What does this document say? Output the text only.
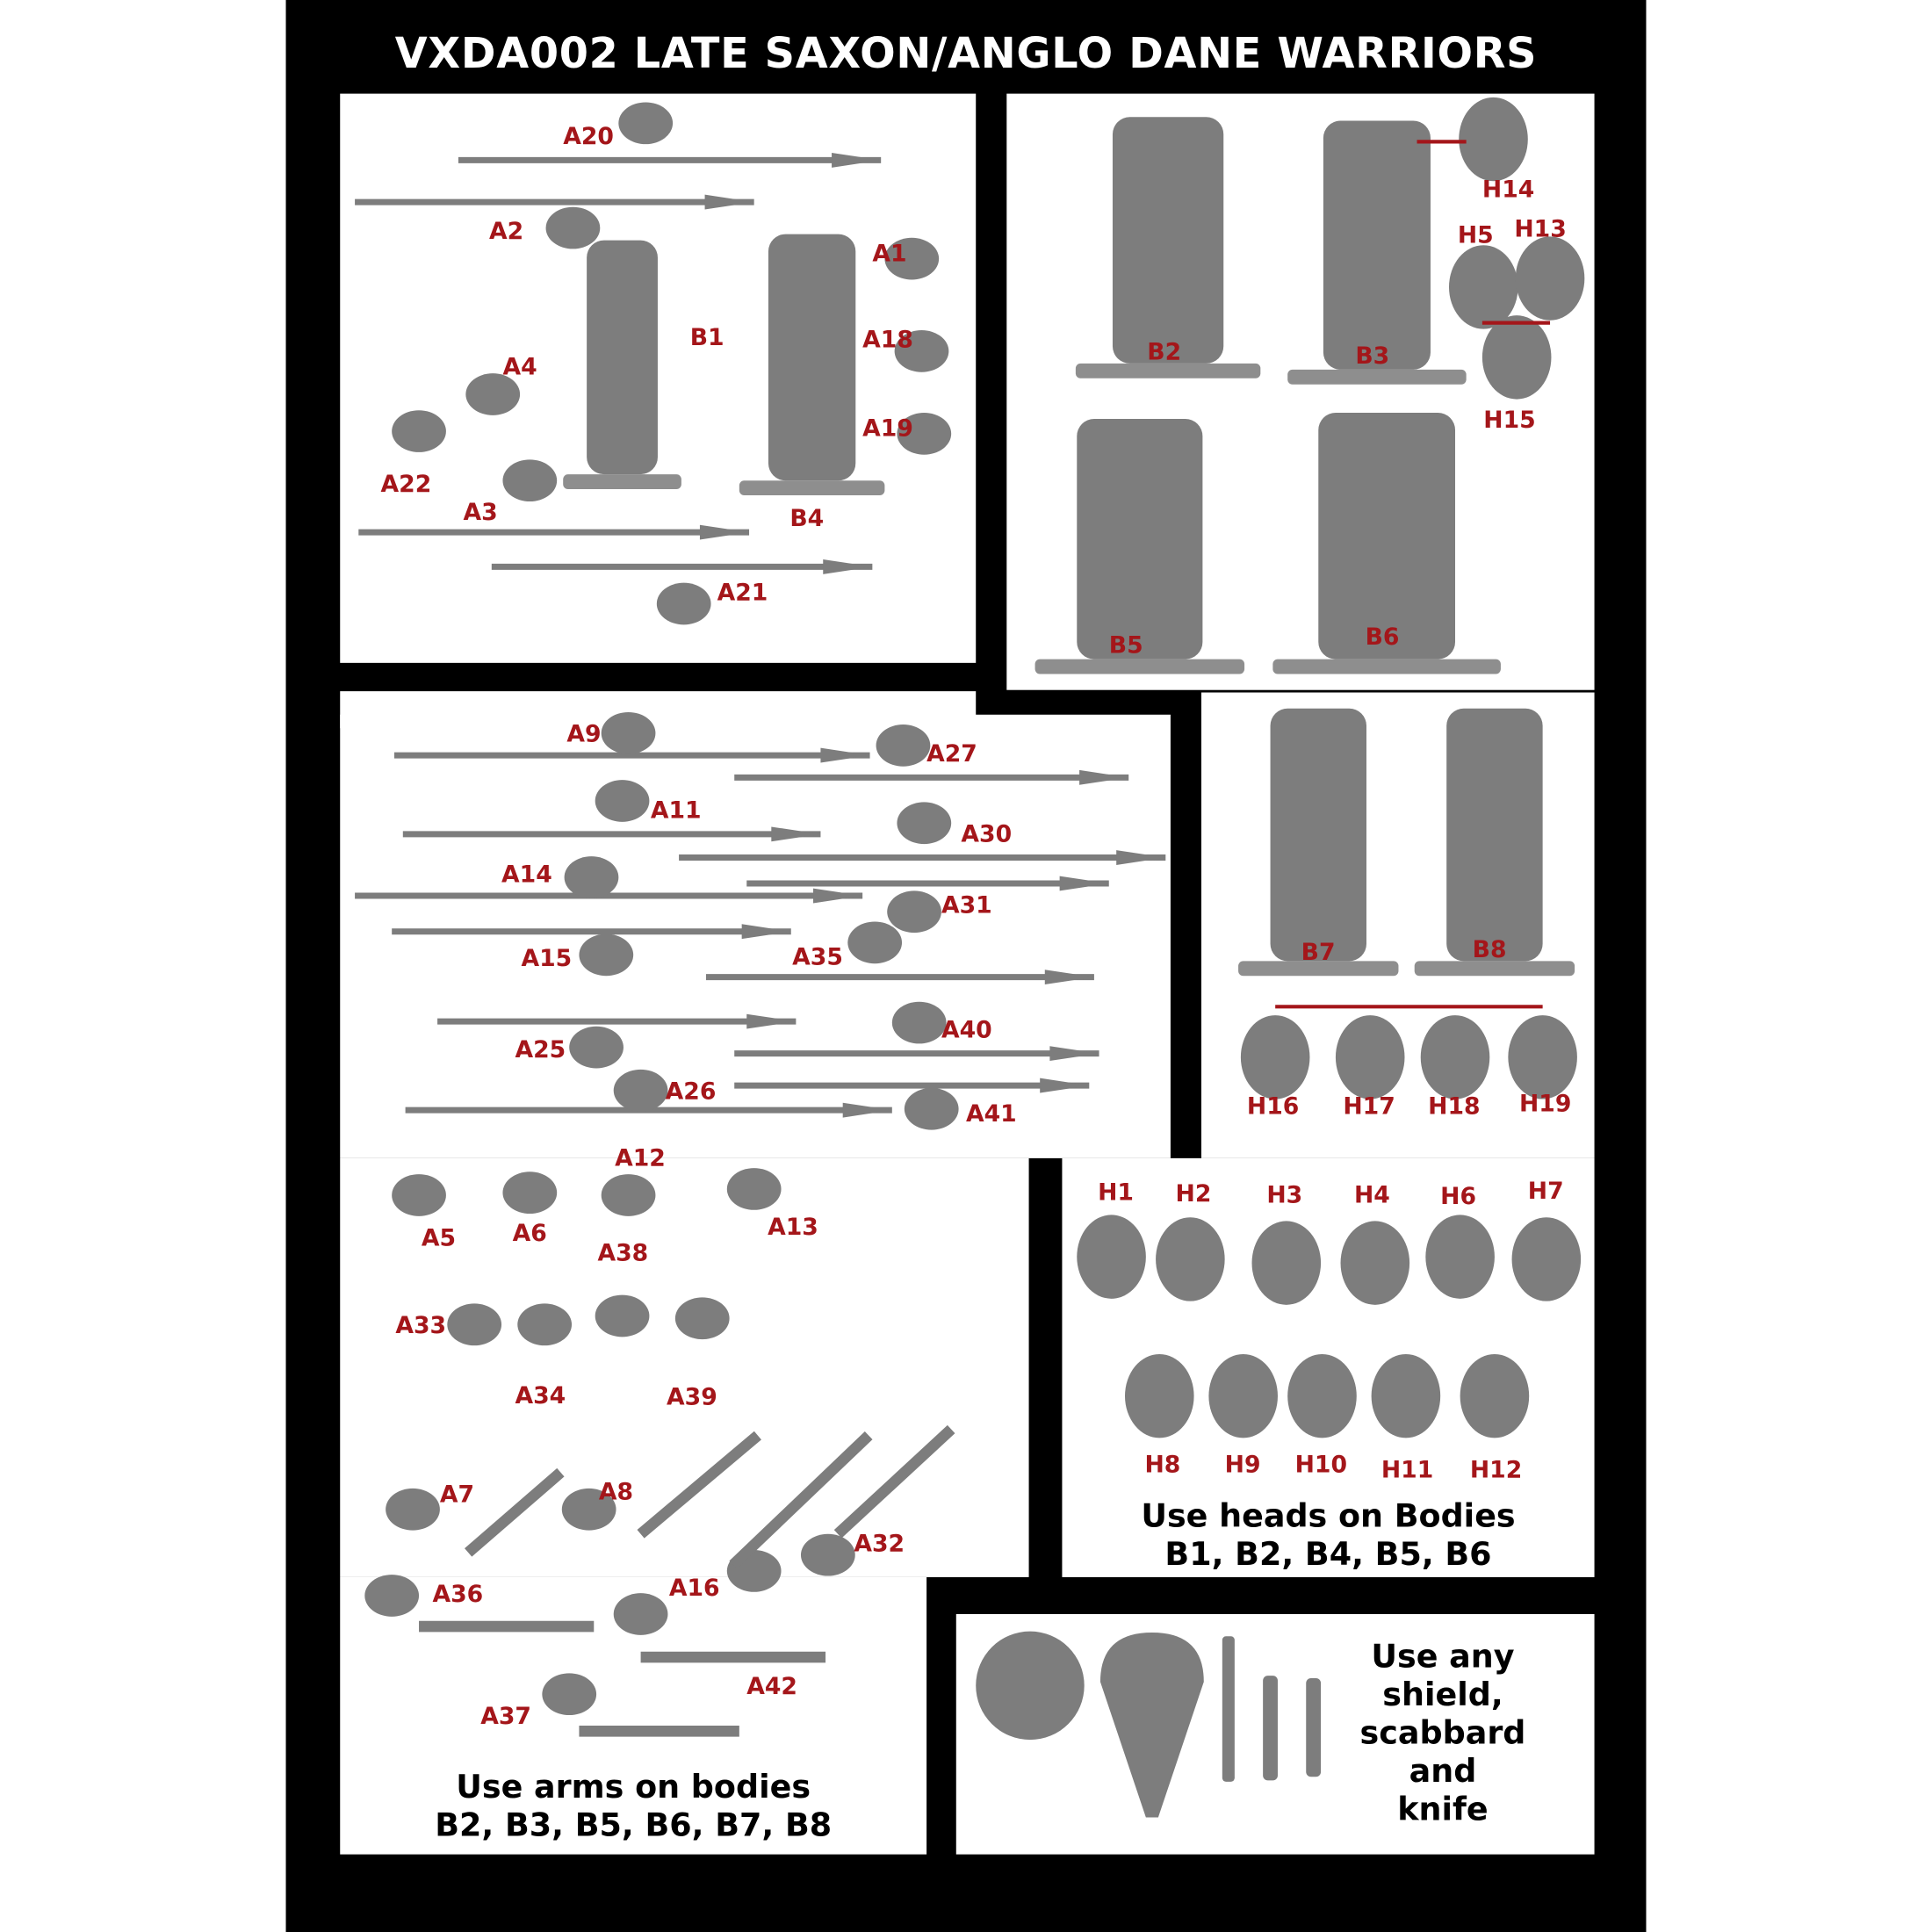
VXDA002 LATE SAXON/ANGLO DANE WARRIORS
A20
A2
A1
B1	A18
A4
A19
A22
A3	B4
A21
H14
H5 H13
B2	B3
H15
B5	B6
A9
A27
A11
A30
A14
A31
A15	A35
A25
A40
A26
A41
A12
A5	A6	A13
A38
A33
A34	A39
A7	A8
A32
A36	A16
A42
A37
B7	B8
H16	H17 H18 H19
H1	H2	H3	H4	H6	H7
H8	H9 H10 H11 H12
Use arms on bodies
B2, B3, B5, B6, B7, B8
Use heads on Bodies
B1, B2, B4, B5, B6
Use any
shield,
scabbard
and
knife
